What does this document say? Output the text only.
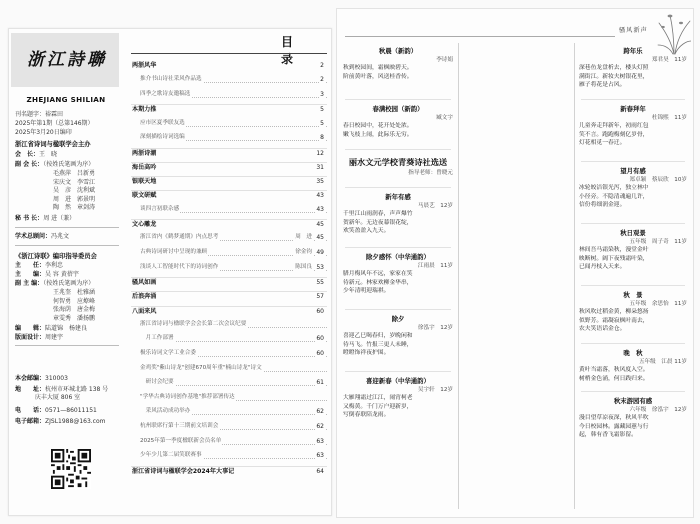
浙江詩聯
ZHEJIANG SHILIAN
刊名题字：裕霖田
2025年第1期（总第146期）
2025年3月20日编印
浙江省诗词与楹联学会主办
会　长：王　晓
副 会 长：（按姓氏笔画为序）
毛燕萍　吕新勇
宋庆文　李雪江
吴　彦　沈利斌
周　进　郭景明
陶　然　章剑涛
秘 书 长：周 进（兼）
学术总顾问：冯兆文
《浙江诗联》编印指导委员会
主　　任：李利忠
主　　编：吴 容 黄蓓宇
副 主 编：（按姓氏笔画为序）
王兆奎　杜雅涵
何智勇　应燎峰
张海荫　唐金梅
章雯秀　潘扬鹏
编　　辑：陆道锦　杨建良
版面设计：周建宇
本会邮编：310003
地　　址：杭州市环城北路 138 号
　　　 庆丰大厦 806 室
电　　话：0571—86011151
电子邮箱：ZJSL1988@163.com
目 录
两浙风华	2
推介书山诗社采风作品选	2
四季之歌诗友邀稿选	3
本期力推	5
应市区夏季联友选	5
深刻描绘诗词选编	8
两浙诗潮	12
海岳高吟	31
银联天地	35
联文研赋	43
谈四言初联杂感	43
文心雕龙	45
浙江省内《鹤梦通期》内点思考	周　进 45
古典诗词研讨中呈现的兼顾	徐金钧 49
浅谈人工智能时代下的诗词创作	陈国良 53
骚风如画	55
后浪奔涌	57
八面来风	60
浙江省诗词与楹联学会会长第二次会议纪要
　月工作部署	60
极乐诗词文学工业合委	60
金鸡奖"紫山诗龙"创建670周年重"楠山诗龙"诗文
　研讨会纪要	61
"学华古典诗词创作基地"推荐部署传达
　采风活动成功举办	62
杭州联席行第十三期前文培训会	62
2025年第一季度楹联新会员名单	63
少年少儿第二届笑联赛事	63
浙江省诗词与楹联学会2024年大事记	64
骚风新声
秋晨（新韵）
李诗娟
秋到校园间，霜枫映碧天。
阶前黄叶落，风送桂香传。
春满校园（新韵）
臧文宇
春日校园中，花开处处浓。
嫩飞枝上闹，此际乐无穷。
丽水文元学校青葵诗社选送
指导老师：曾晓元
新年有感
马晨艺　12岁
千里江山雨润春，声声爆竹
贺新年。无边夜幕银花绽，
欢笑盈盈入九天。
除夕感怀（中华通韵）
江雨晨　11岁
腊月梅风年不远，家家在笑
待新元。林家欢柳金华串，
少年清明迎瑞祺。
除夕
徐泓宇　12岁
喜迎乙巳喝春归，岁晚闲和
待马飞。竹报三更人未睡，
瞪瞪饰祥夜护围。
喜迎新春（中华通韵）
吴宇轩　12岁
大雁翔霜过江江，闹宵柯老
又梅黄。千门万户迎新岁，
写倒春联陪龙雨。
跨年乐
郑君昊　11岁
深巷鱼龙盘析去，楼头灯照
满街江。新妆夫树银花里，
雁子将花是占风。
新春拜年
杜锦熙　11岁
儿童奔走拜新年，初雨红包
笑不言。跑跑梅刻亿岁骨，
灯花相觅一春迁。
望月有感
郑卓颖　蔡辰欣　10岁
冰轮皎洁银光泻，独立林中
小径旁。不隐清魂遍几许，
信份将细润金迎。
秋日观景
五年级　周子奇　11岁
林间吾马霜染秋，漫堂金叶
映断树。阔下夜残霜叶染，
已闻丹枝入天来。
秋　景
五年级　余思怡　11岁
秋风吹过稻金黄，柳朵悠扬
似野芳。霜凝寂枫叶南去，
农夫笑语话金仓。
晚　秋
五年级　江晨 11岁
黄叶当霜落，秋风度入空。
树梢金色涌，何日践归来。
秋末游园有感
六年级　徐泓宇　12岁
漫目望草凉夜深，秋风半吹
今日校园林。露藏园蕙与行
起，韩有香飞霜影留。
